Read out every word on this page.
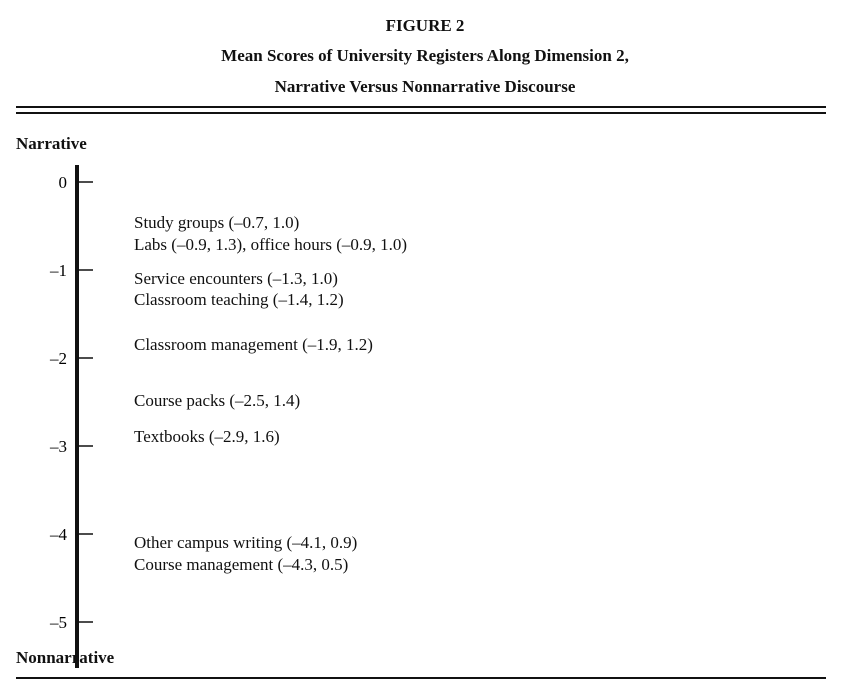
FIGURE 2
Mean Scores of University Registers Along Dimension 2,
Narrative Versus Nonnarrative Discourse
Narrative
0
–1
–2
–3
–4
–5
Study groups (–0.7, 1.0)
Labs (–0.9, 1.3), office hours (–0.9, 1.0)
Service encounters (–1.3, 1.0)
Classroom teaching (–1.4, 1.2)
Classroom management (–1.9, 1.2)
Course packs (–2.5, 1.4)
Textbooks (–2.9, 1.6)
Other campus writing (–4.1, 0.9)
Course management (–4.3, 0.5)
Nonnarrative
